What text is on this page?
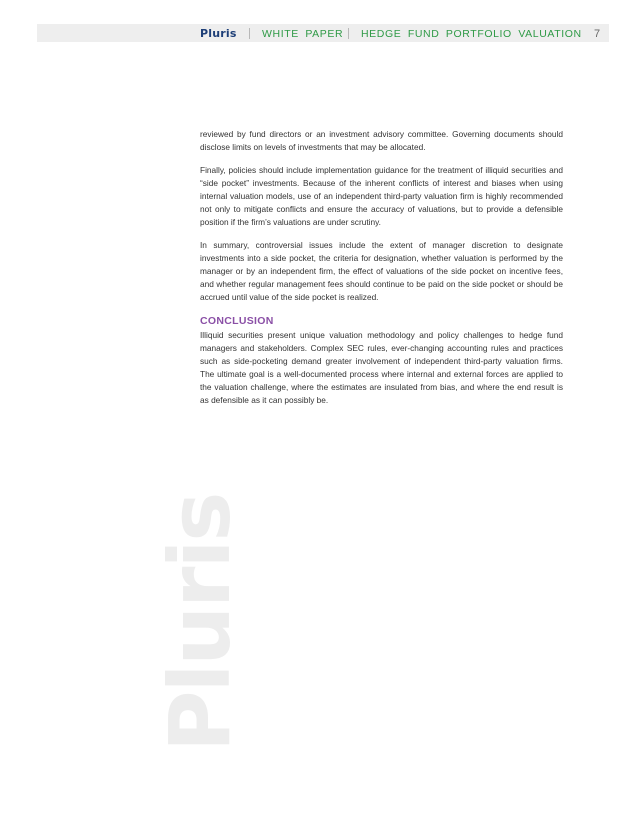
Pluris WHITE PAPER HEDGE FUND PORTFOLIO VALUATION 7
Pluris

reviewed by fund directors or an investment advisory committee. Governing documents should disclose limits on levels of investments that may be allocated.

Finally, policies should include implementation guidance for the treatment of illiquid securities and “side pocket” investments. Because of the inherent conflicts of interest and biases when using internal valuation models, use of an independent third-party valuation firm is highly recommended not only to mitigate conflicts and ensure the accuracy of valuations, but to provide a defensible position if the firm’s valuations are under scrutiny.

In summary, controversial issues include the extent of manager discretion to designate investments into a side pocket, the criteria for designation, whether valuation is performed by the manager or by an independent firm, the effect of valuations of the side pocket on incentive fees, and whether regular management fees should continue to be paid on the side pocket or should be accrued until value of the side pocket is realized.

CONCLUSION

Illiquid securities present unique valuation methodology and policy challenges to hedge fund managers and stakeholders. Complex SEC rules, ever-changing accounting rules and practices such as side-pocketing demand greater involvement of independent third-party valuation firms. The ultimate goal is a well-documented process where internal and external forces are applied to the valuation challenge, where the estimates are insulated from bias, and where the end result is as defensible as it can possibly be.
